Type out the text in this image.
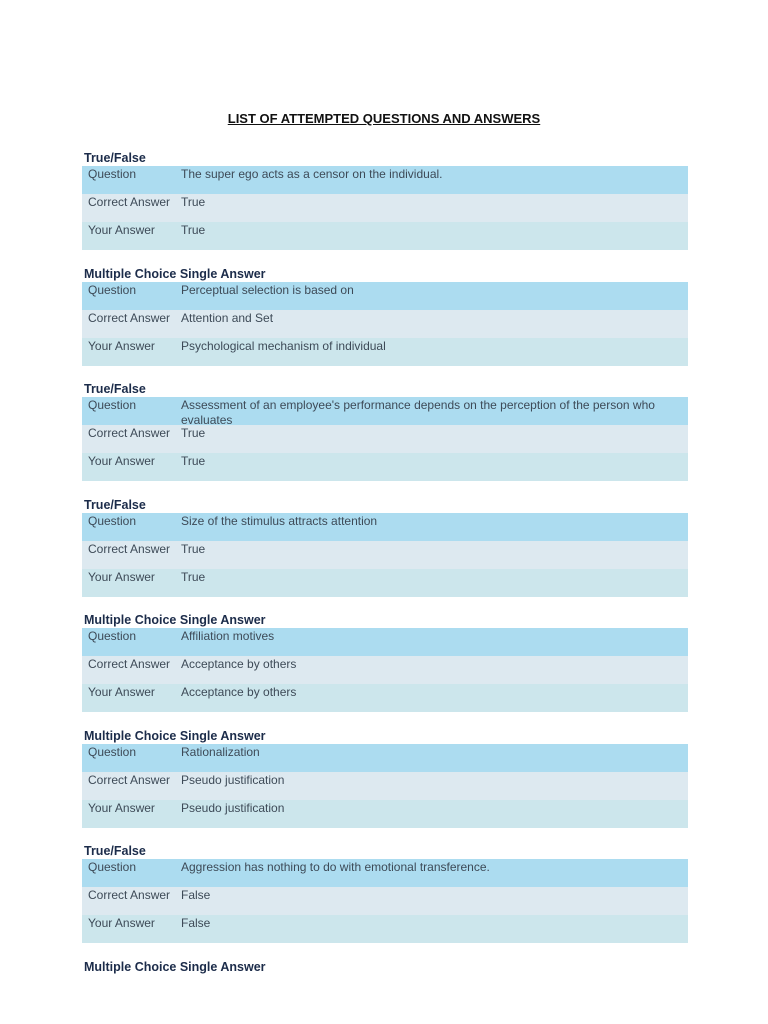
LIST OF ATTEMPTED QUESTIONS AND ANSWERS
True/False
Question	The super ego acts as a censor on the individual.
Correct Answer True
Your Answer	True
Multiple Choice Single Answer
Question	Perceptual selection is based on
Correct Answer Attention and Set
Your Answer	Psychological mechanism of individual
True/False
Question	Assessment of an employee's performance depends on the perception of the person who evaluates
Correct Answer True
Your Answer	True
True/False
Question	Size of the stimulus attracts attention
Correct Answer True
Your Answer	True
Multiple Choice Single Answer
Question	Affiliation motives
Correct Answer Acceptance by others
Your Answer	Acceptance by others
Multiple Choice Single Answer
Question	Rationalization
Correct Answer Pseudo justification
Your Answer	Pseudo justification
True/False
Question	Aggression has nothing to do with emotional transference.
Correct Answer False
Your Answer	False
Multiple Choice Single Answer
